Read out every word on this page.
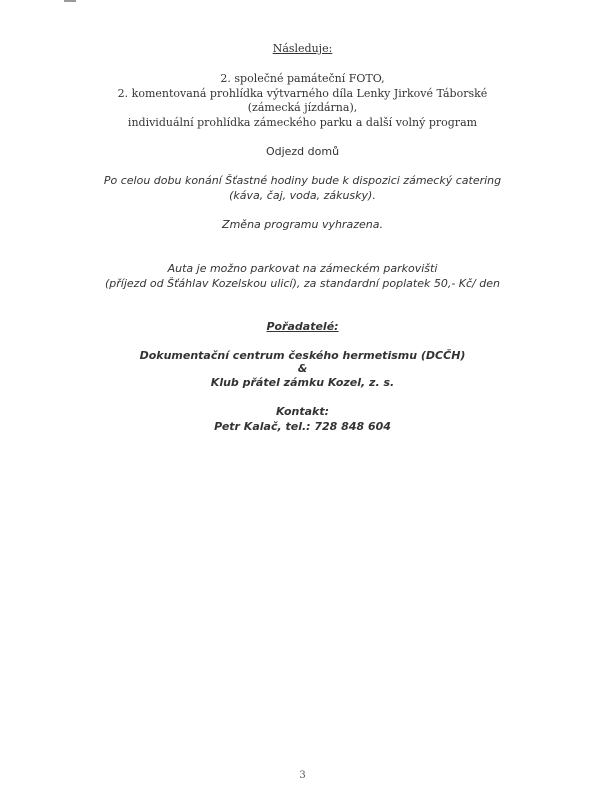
Následuje:
2. společné památeční FOTO,
2. komentovaná prohlídka výtvarného díla Lenky Jirkové Táborské
(zámecká jízdárna),
individuální prohlídka zámeckého parku a další volný program
Odjezd domů
Po celou dobu konání Šťastné hodiny bude k dispozici zámecký catering
(káva, čaj, voda, zákusky).
Změna programu vyhrazena.
Auta je možno parkovat na zámeckém parkovišti
(příjezd od Šťáhlav Kozelskou ulicí), za standardní poplatek 50,- Kč/ den
Pořadatelé:
Dokumentační centrum českého hermetismu (DCČH)
&
Klub přátel zámku Kozel, z. s.
Kontakt:
Petr Kalač, tel.: 728 848 604
3
